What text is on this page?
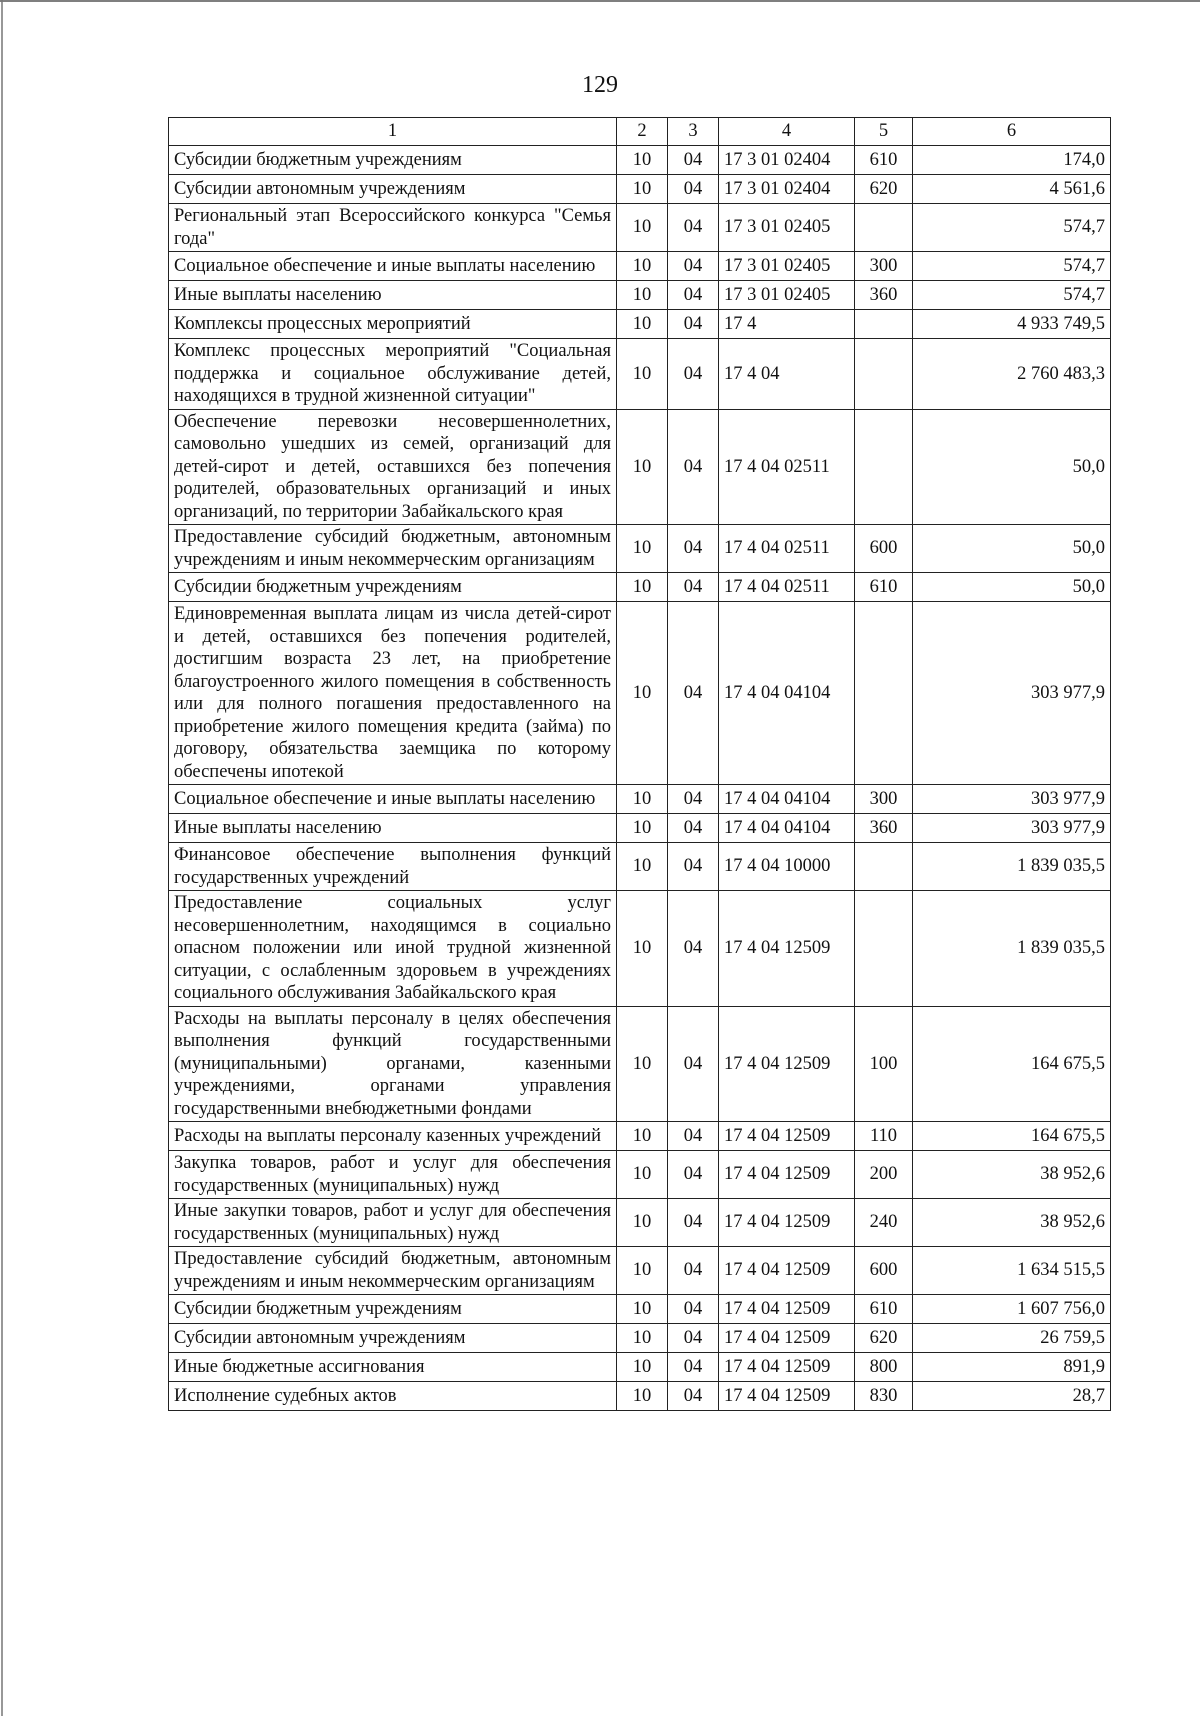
129
1	2	3	4	5	6
Субсидии бюджетным учреждениям	10	04	17 3 01 02404	610	174,0
Субсидии автономным учреждениям	10	04	17 3 01 02404	620	4 561,6
Региональный этап Всероссийского конкурса "Семья года"	10	04	17 3 01 02405		574,7
Социальное обеспечение и иные выплаты населению	10	04	17 3 01 02405	300	574,7
Иные выплаты населению	10	04	17 3 01 02405	360	574,7
Комплексы процессных мероприятий	10	04	17 4		4 933 749,5
Комплекс процессных мероприятий "Социальная поддержка и социальное обслуживание детей, находящихся в трудной жизненной ситуации"	10	04	17 4 04		2 760 483,3
Обеспечение перевозки несовершеннолетних, самовольно ушедших из семей, организаций для детей-сирот и детей, оставшихся без попечения родителей, образовательных организаций и иных организаций, по территории Забайкальского края	10	04	17 4 04 02511		50,0
Предоставление субсидий бюджетным, автономным учреждениям и иным некоммерческим организациям	10	04	17 4 04 02511	600	50,0
Субсидии бюджетным учреждениям	10	04	17 4 04 02511	610	50,0
Единовременная выплата лицам из числа детей-сирот и детей, оставшихся без попечения родителей, достигшим возраста 23 лет, на приобретение благоустроенного жилого помещения в собственность или для полного погашения предоставленного на приобретение жилого помещения кредита (займа) по договору, обязательства заемщика по которому обеспечены ипотекой	10	04	17 4 04 04104		303 977,9
Социальное обеспечение и иные выплаты населению	10	04	17 4 04 04104	300	303 977,9
Иные выплаты населению	10	04	17 4 04 04104	360	303 977,9
Финансовое обеспечение выполнения функций государственных учреждений	10	04	17 4 04 10000		1 839 035,5
Предоставление социальных услуг несовершеннолетним, находящимся в социально опасном положении или иной трудной жизненной ситуации, с ослабленным здоровьем в учреждениях социального обслуживания Забайкальского края	10	04	17 4 04 12509		1 839 035,5
Расходы на выплаты персоналу в целях обеспечения выполнения функций государственными (муниципальными) органами, казенными учреждениями, органами управления государственными внебюджетными фондами	10	04	17 4 04 12509	100	164 675,5
Расходы на выплаты персоналу казенных учреждений	10	04	17 4 04 12509	110	164 675,5
Закупка товаров, работ и услуг для обеспечения государственных (муниципальных) нужд	10	04	17 4 04 12509	200	38 952,6
Иные закупки товаров, работ и услуг для обеспечения государственных (муниципальных) нужд	10	04	17 4 04 12509	240	38 952,6
Предоставление субсидий бюджетным, автономным учреждениям и иным некоммерческим организациям	10	04	17 4 04 12509	600	1 634 515,5
Субсидии бюджетным учреждениям	10	04	17 4 04 12509	610	1 607 756,0
Субсидии автономным учреждениям	10	04	17 4 04 12509	620	26 759,5
Иные бюджетные ассигнования	10	04	17 4 04 12509	800	891,9
Исполнение судебных актов	10	04	17 4 04 12509	830	28,7
